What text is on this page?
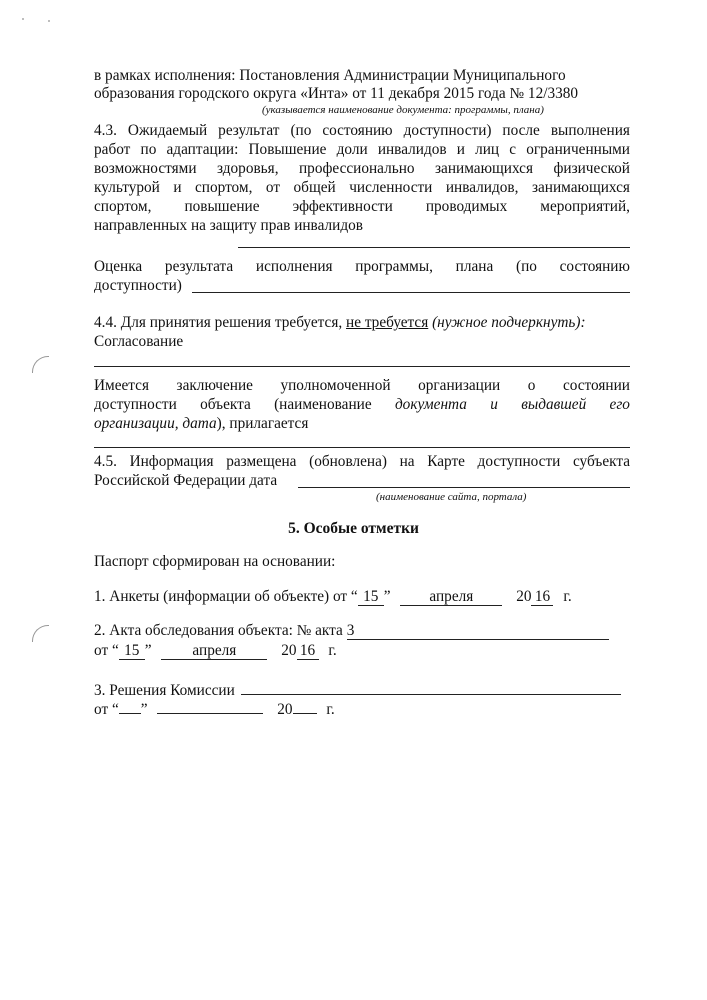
в рамках исполнения: Постановления Администрации Муниципального
образования городского округа «Инта» от 11 декабря 2015 года № 12/3380
(указывается наименование документа: программы, плана)
4.3. Ожидаемый результат (по состоянию доступности) после выполнения
работ по адаптации: Повышение доли инвалидов и лиц с ограниченными
возможностями здоровья, профессионально занимающихся физической
культурой и спортом, от общей численности инвалидов, занимающихся
спортом, повышение эффективности проводимых мероприятий,
направленных на защиту прав инвалидов
Оценка результата исполнения программы, плана (по состоянию
доступности)
4.4. Для принятия решения требуется, не требуется (нужное подчеркнуть):
Согласование
Имеется заключение уполномоченной организации о состоянии
доступности объекта (наименование документа и выдавшей его
организации, дата), прилагается
4.5. Информация размещена (обновлена) на Карте доступности субъекта
Российской Федерации дата
(наименование сайта, портала)
5. Особые отметки
Паспорт сформирован на основании:
1. Анкеты (информации об объекте) от “ 15 ”	апреля	20 16 г.
2. Акта обследования объекта: № акта 3
от “ 15 ”	апреля	20 16 г.
3. Решения Комиссии
от “ ”	20 г.
